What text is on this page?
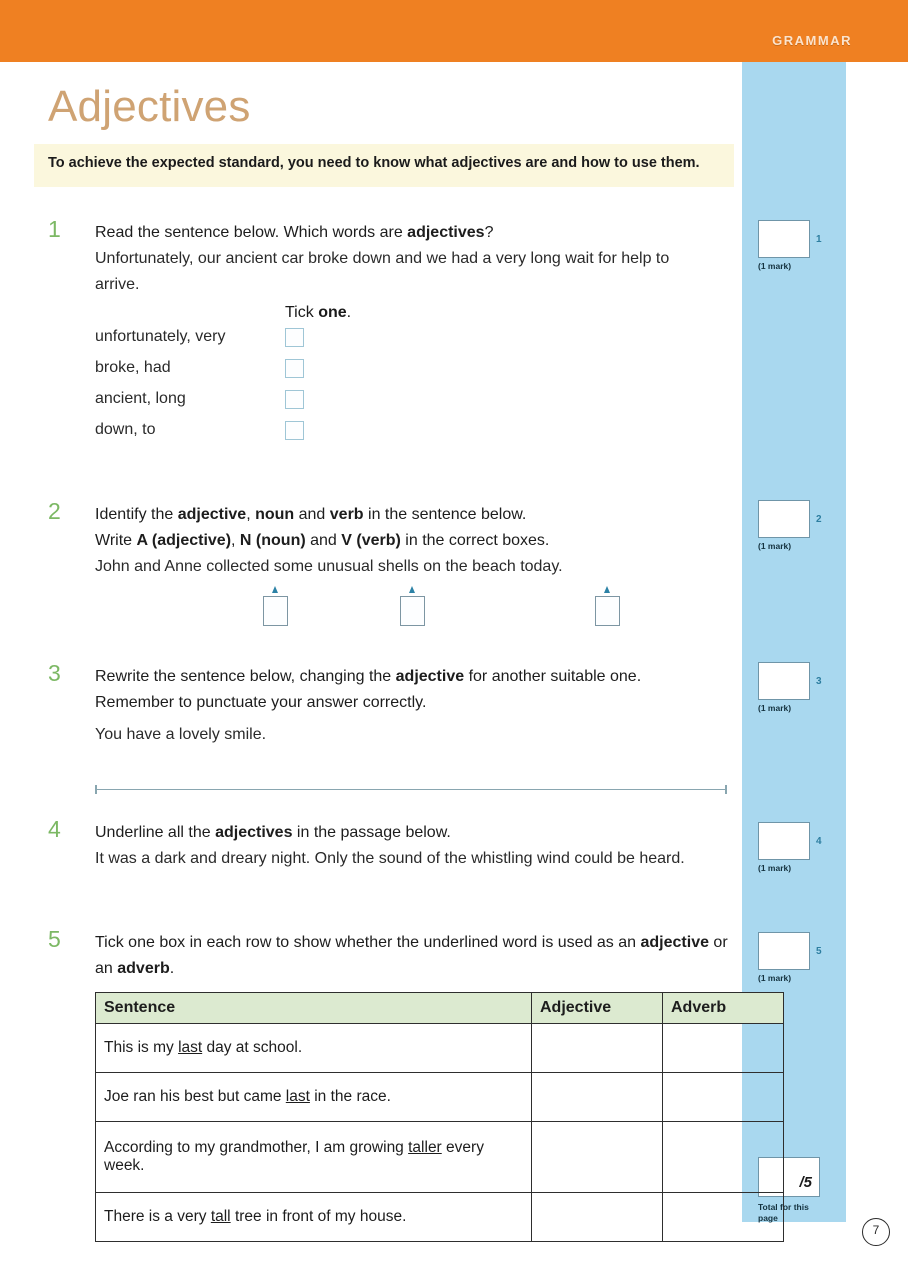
GRAMMAR
1
(1 mark)
2
(1 mark)
3
(1 mark)
4
(1 mark)
5
(1 mark)
/5
Total for this page
7
Adjectives
To achieve the expected standard, you need to know what adjectives are and how to use them.
1 Read the sentence below. Which words are adjectives?
Unfortunately, our ancient car broke down and we had a very long wait for help to arrive.
Tick one.
unfortunately, very
broke, had
ancient, long
down, to
2 Identify the adjective, noun and verb in the sentence below.
Write A (adjective), N (noun) and V (verb) in the correct boxes.
John and Anne collected some unusual shells on the beach today.
3 Rewrite the sentence below, changing the adjective for another suitable one. Remember to punctuate your answer correctly.
You have a lovely smile.
4 Underline all the adjectives in the passage below.
It was a dark and dreary night. Only the sound of the whistling wind could be heard.
5 Tick one box in each row to show whether the underlined word is used as an adjective or an adverb.
Sentence	Adjective	Adverb
This is my last day at school.		
Joe ran his best but came last in the race.		
According to my grandmother, I am growing taller every week.		
There is a very tall tree in front of my house.		
